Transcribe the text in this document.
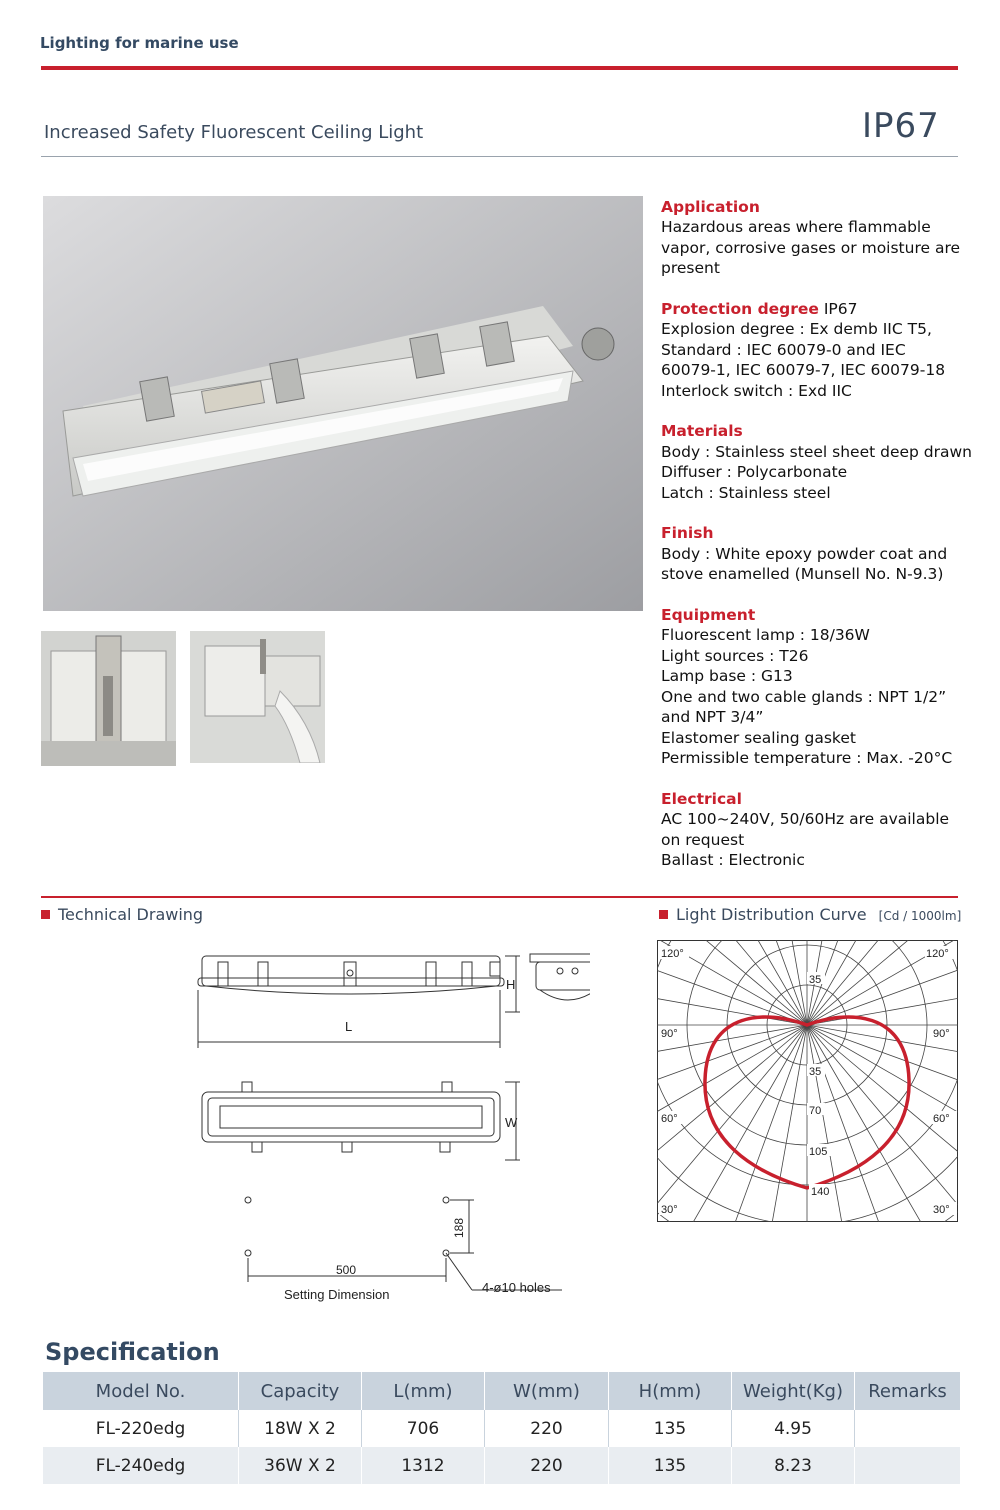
Lighting for marine use
Increased Safety Fluorescent Ceiling Light	IP67
Application

Hazardous areas where flammable

vapor, corrosive gases or moisture are

present

Protection degree IP67

Explosion degree : Ex demb IIC T5,

Standard : IEC 60079-0 and IEC

60079-1, IEC 60079-7, IEC 60079-18

Interlock switch : Exd IIC

Materials

Body : Stainless steel sheet deep drawn

Diffuser : Polycarbonate

Latch : Stainless steel

Finish

Body : White epoxy powder coat and

stove enamelled (Munsell No. N-9.3)

Equipment

Fluorescent lamp : 18/36W

Light sources : T26

Lamp base : G13

One and two cable glands : NPT 1/2”

and NPT 3/4”

Elastomer sealing gasket

Permissible temperature : Max. -20°C

Electrical

AC 100~240V, 50/60Hz are available

on request

Ballast : Electronic

Technical Drawing	Light Distribution Curve [Cd / 1000lm]
L
H
W
188
500
Setting Dimension	4-ø10 holes
120°	120°
90°	90°
60°	60°
30°	30°
35
35
70
105
140
Specification
Model No.	Capacity	L(mm)	W(mm)	H(mm)	Weight(Kg)	Remarks
FL-220edg	18W X 2	706	220	135	4.95	
FL-240edg	36W X 2	1312	220	135	8.23	
